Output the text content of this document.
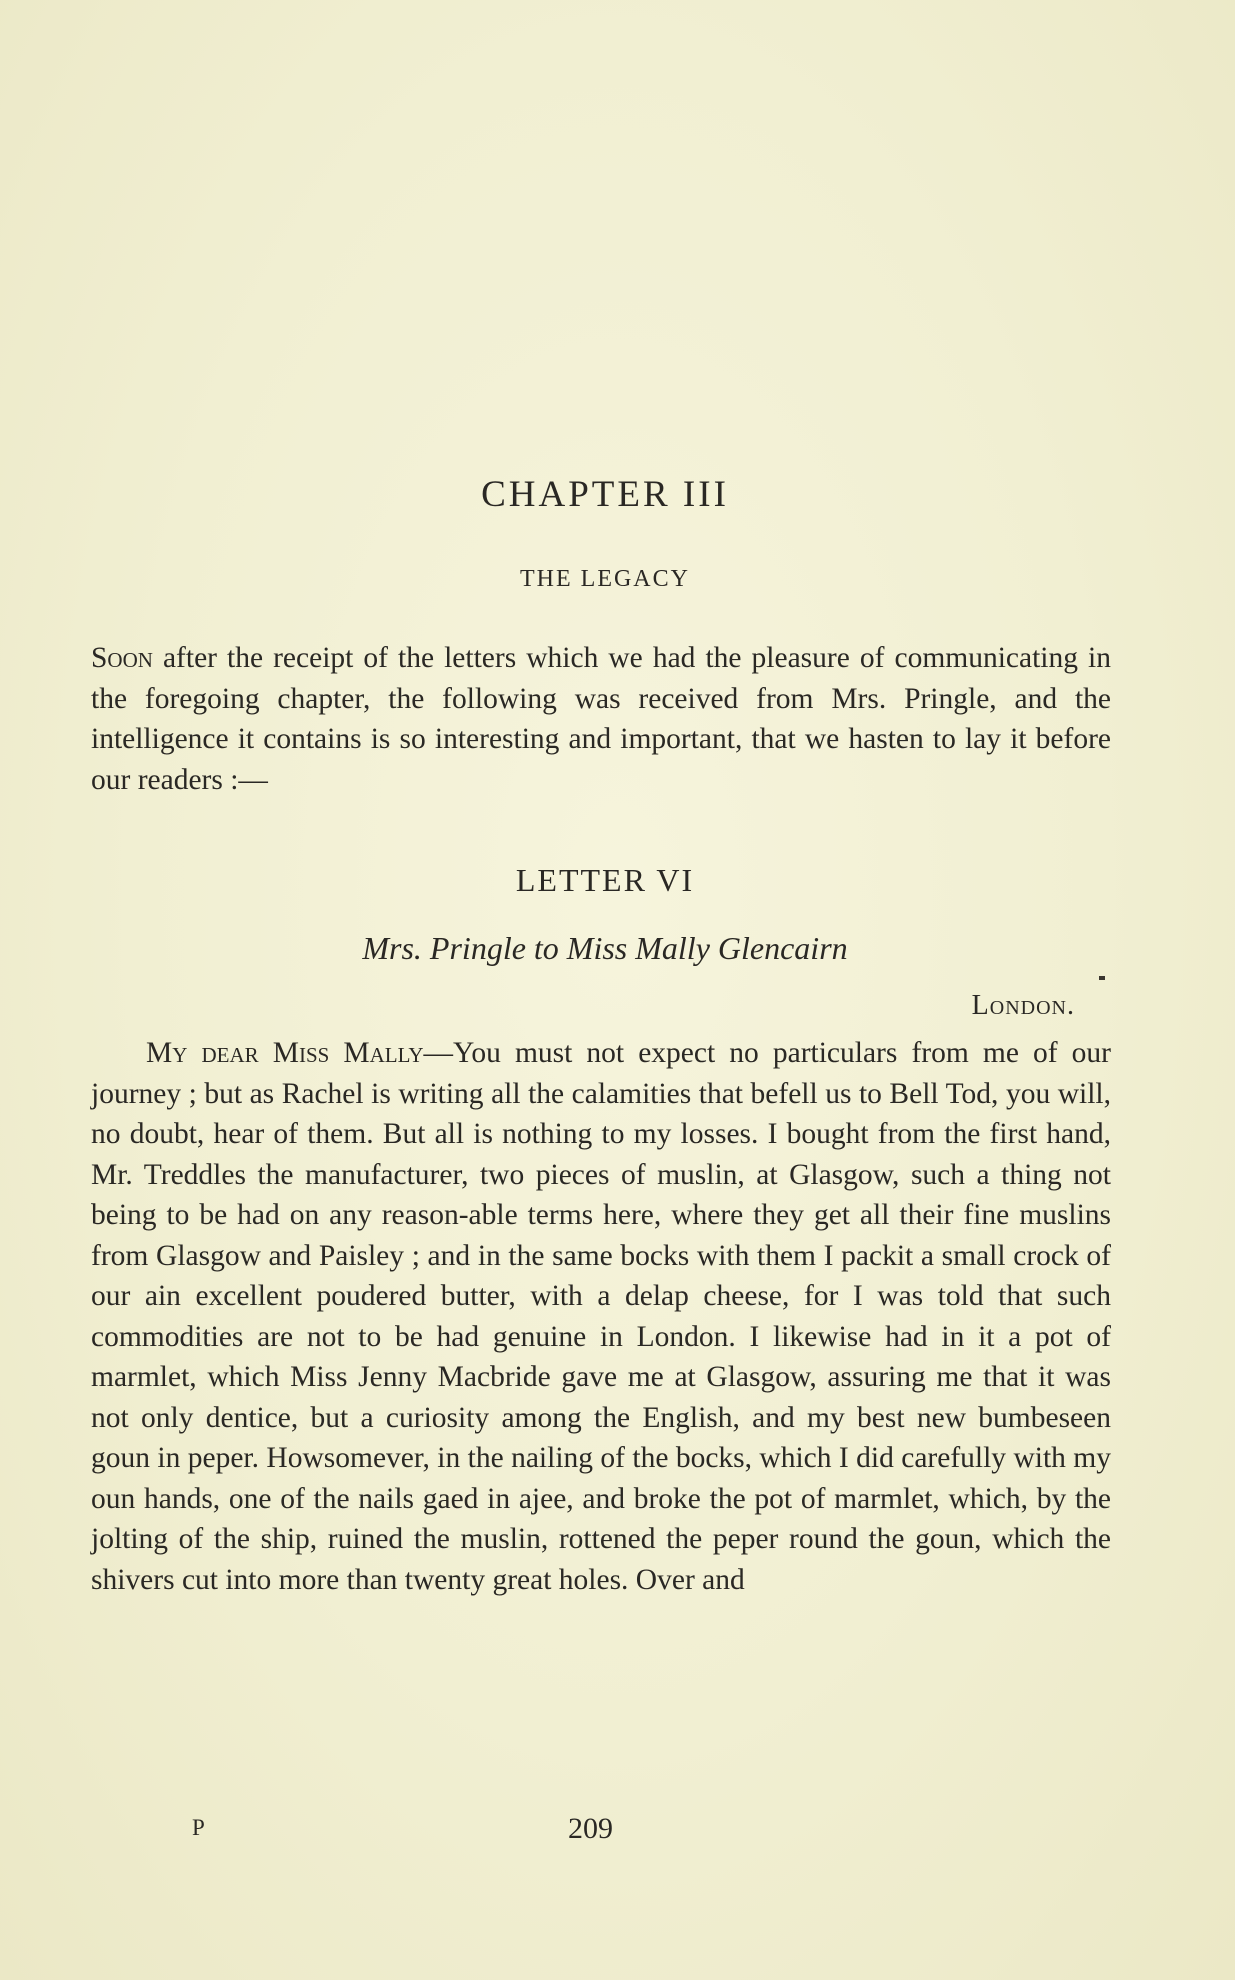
CHAPTER III
THE LEGACY
Soon after the receipt of the letters which we had the pleasure of communicating in the foregoing chapter, the following was received from Mrs. Pringle, and the intelligence it contains is so interesting and important, that we hasten to lay it before our readers :—
LETTER VI
Mrs. Pringle to Miss Mally Glencairn
London.
My dear Miss Mally—You must not expect no particulars from me of our journey ; but as Rachel is writing all the calamities that befell us to Bell Tod, you will, no doubt, hear of them. But all is nothing to my losses. I bought from the first hand, Mr. Treddles the manufacturer, two pieces of muslin, at Glasgow, such a thing not being to be had on any reason-able terms here, where they get all their fine muslins from Glasgow and Paisley ; and in the same bocks with them I packit a small crock of our ain excellent poudered butter, with a delap cheese, for I was told that such commodities are not to be had genuine in London. I likewise had in it a pot of marmlet, which Miss Jenny Macbride gave me at Glasgow, assuring me that it was not only dentice, but a curiosity among the English, and my best new bumbeseen goun in peper. Howsomever, in the nailing of the bocks, which I did carefully with my oun hands, one of the nails gaed in ajee, and broke the pot of marmlet, which, by the jolting of the ship, ruined the muslin, rottened the peper round the goun, which the shivers cut into more than twenty great holes. Over and
P	209
